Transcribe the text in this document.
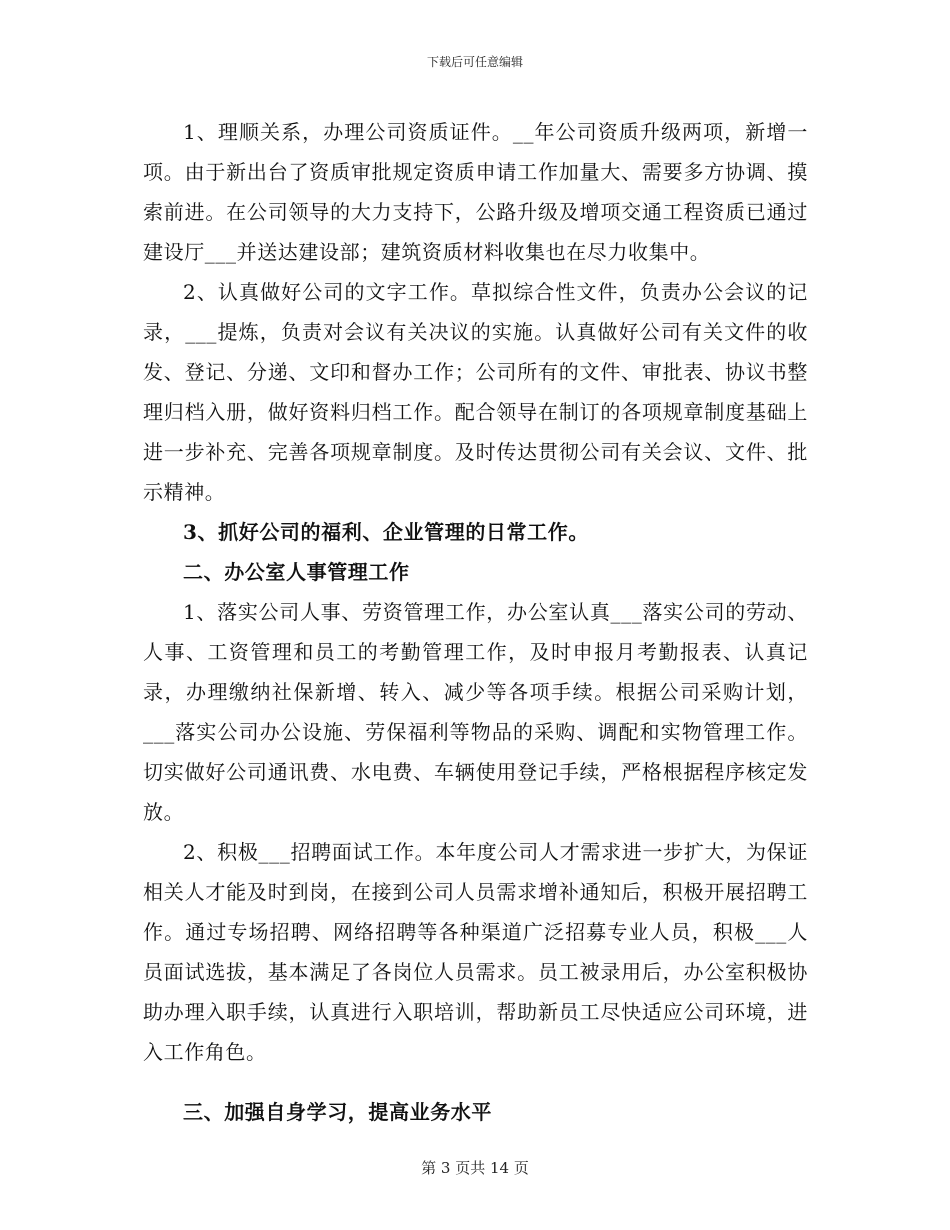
下载后可任意编辑

1、理顺关系，办理公司资质证件。__年公司资质升级两项，新增一项。由于新出台了资质审批规定资质申请工作加量大、需要多方协调、摸索前进。在公司领导的大力支持下，公路升级及增项交通工程资质已通过建设厅___并送达建设部；建筑资质材料收集也在尽力收集中。

2、认真做好公司的文字工作。草拟综合性文件，负责办公会议的记录，___提炼，负责对会议有关决议的实施。认真做好公司有关文件的收发、登记、分递、文印和督办工作；公司所有的文件、审批表、协议书整理归档入册，做好资料归档工作。配合领导在制订的各项规章制度基础上进一步补充、完善各项规章制度。及时传达贯彻公司有关会议、文件、批示精神。

3、抓好公司的福利、企业管理的日常工作。

二、办公室人事管理工作

1、落实公司人事、劳资管理工作，办公室认真___落实公司的劳动、人事、工资管理和员工的考勤管理工作，及时申报月考勤报表、认真记录，办理缴纳社保新增、转入、减少等各项手续。根据公司采购计划，___落实公司办公设施、劳保福利等物品的采购、调配和实物管理工作。切实做好公司通讯费、水电费、车辆使用登记手续，严格根据程序核定发放。

2、积极___招聘面试工作。本年度公司人才需求进一步扩大，为保证相关人才能及时到岗，在接到公司人员需求增补通知后，积极开展招聘工作。通过专场招聘、网络招聘等各种渠道广泛招募专业人员，积极___人员面试选拔，基本满足了各岗位人员需求。员工被录用后，办公室积极协助办理入职手续，认真进行入职培训，帮助新员工尽快适应公司环境，进入工作角色。

三、加强自身学习，提高业务水平

第 3 页共 14 页
